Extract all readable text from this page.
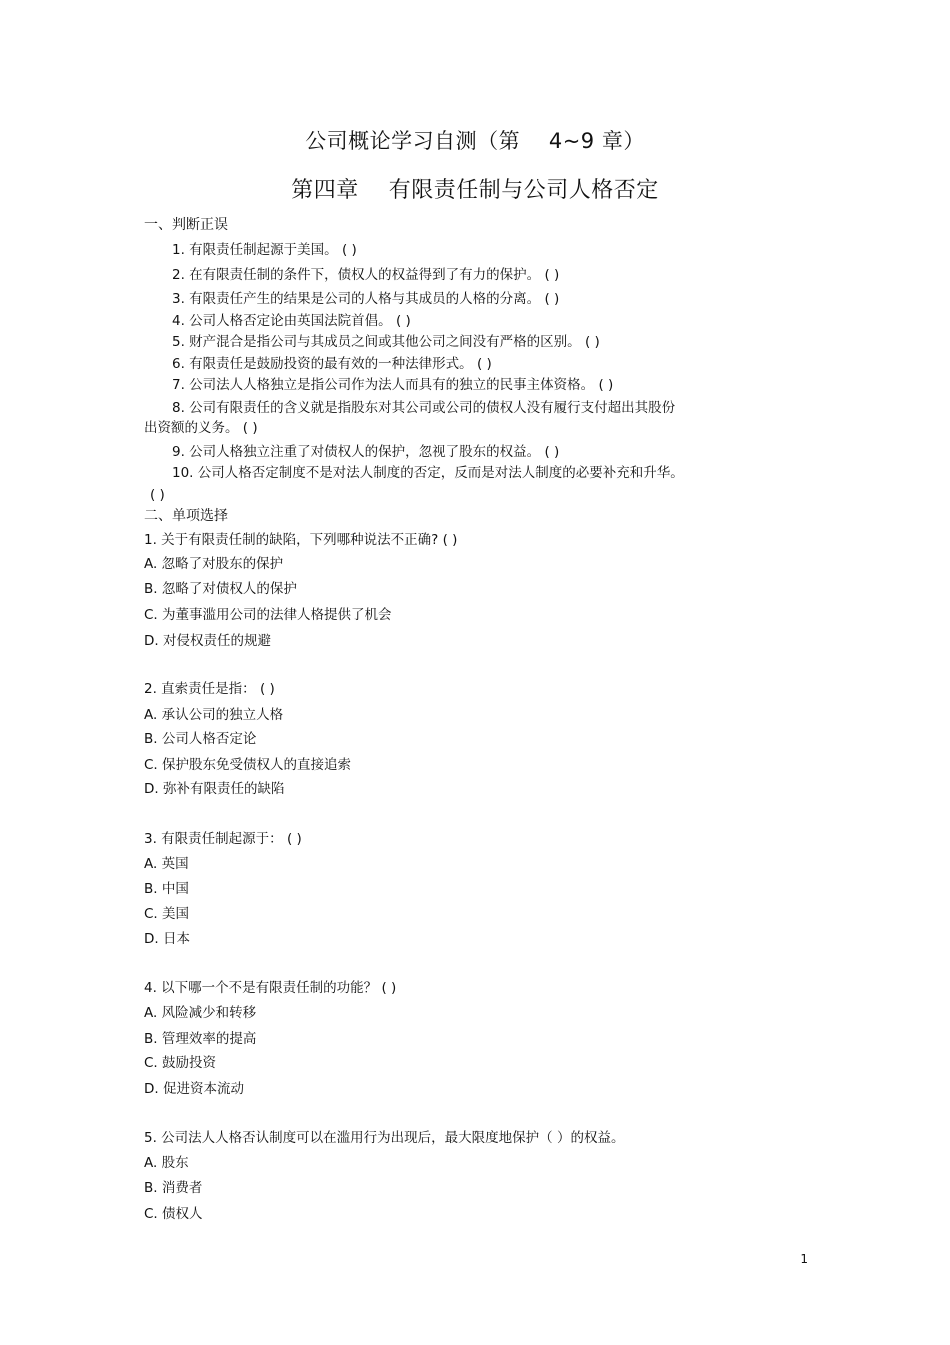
公司概论学习自测（第　 4~9 章）
第四章　 有限责任制与公司人格否定
一、判断正误
1. 有限责任制起源于美国。 ( )
2. 在有限责任制的条件下，债权人的权益得到了有力的保护。 ( )
3. 有限责任产生的结果是公司的人格与其成员的人格的分离。 ( )
4. 公司人格否定论由英国法院首倡。 ( )
5. 财产混合是指公司与其成员之间或其他公司之间没有严格的区别。 ( )
6. 有限责任是鼓励投资的最有效的一种法律形式。 ( )
7. 公司法人人格独立是指公司作为法人而具有的独立的民事主体资格。 ( )
8. 公司有限责任的含义就是指股东对其公司或公司的债权人没有履行支付超出其股份
出资额的义务。 ( )
9. 公司人格独立注重了对债权人的保护，忽视了股东的权益。 ( )
10. 公司人格否定制度不是对法人制度的否定，反而是对法人制度的必要补充和升华。
( )
二、单项选择
1. 关于有限责任制的缺陷，下列哪种说法不正确? ( )
A. 忽略了对股东的保护
B. 忽略了对债权人的保护
C. 为董事滥用公司的法律人格提供了机会
D. 对侵权责任的规避
2. 直索责任是指： ( )
A. 承认公司的独立人格
B. 公司人格否定论
C. 保护股东免受债权人的直接追索
D. 弥补有限责任的缺陷
3. 有限责任制起源于： ( )
A. 英国
B. 中国
C. 美国
D. 日本
4. 以下哪一个不是有限责任制的功能？ ( )
A. 风险减少和转移
B. 管理效率的提高
C. 鼓励投资
D. 促进资本流动
5. 公司法人人格否认制度可以在滥用行为出现后，最大限度地保护（ ）的权益。
A. 股东
B. 消费者
C. 债权人
1
